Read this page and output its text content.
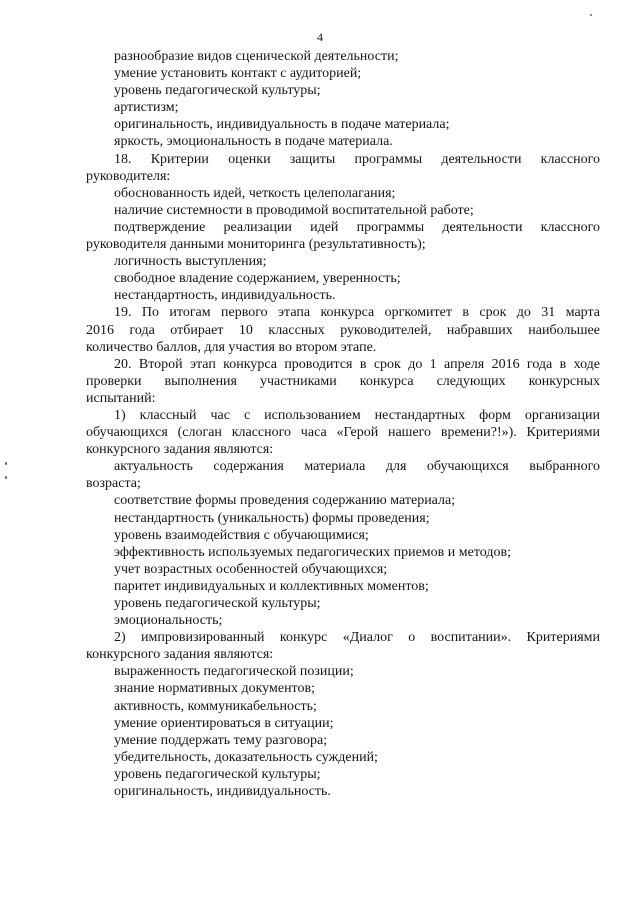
4
разнообразие видов сценической деятельности;
умение установить контакт с аудиторией;
уровень педагогической культуры;
артистизм;
оригинальность, индивидуальность в подаче материала;
яркость, эмоциональность в подаче материала.
18. Критерии оценки защиты программы деятельности классного
руководителя:
обоснованность идей, четкость целеполагания;
наличие системности в проводимой воспитательной работе;
подтверждение реализации идей программы деятельности классного
руководителя данными мониторинга (результативность);
логичность выступления;
свободное владение содержанием, уверенность;
нестандартность, индивидуальность.
19. По итогам первого этапа конкурса оргкомитет в срок до 31 марта
2016 года отбирает 10 классных руководителей, набравших наибольшее
количество баллов, для участия во втором этапе.
20. Второй этап конкурса проводится в срок до 1 апреля 2016 года в ходе
проверки выполнения участниками конкурса следующих конкурсных
испытаний:
1) классный час с использованием нестандартных форм организации
обучающихся (слоган классного часа «Герой нашего времени?!»). Критериями
конкурсного задания являются:
актуальность содержания материала для обучающихся выбранного
возраста;
соответствие формы проведения содержанию материала;
нестандартность (уникальность) формы проведения;
уровень взаимодействия с обучающимися;
эффективность используемых педагогических приемов и методов;
учет возрастных особенностей обучающихся;
паритет индивидуальных и коллективных моментов;
уровень педагогической культуры;
эмоциональность;
2) импровизированный конкурс «Диалог о воспитании». Критериями
конкурсного задания являются:
выраженность педагогической позиции;
знание нормативных документов;
активность, коммуникабельность;
умение ориентироваться в ситуации;
умение поддержать тему разговора;
убедительность, доказательность суждений;
уровень педагогической культуры;
оригинальность, индивидуальность.
